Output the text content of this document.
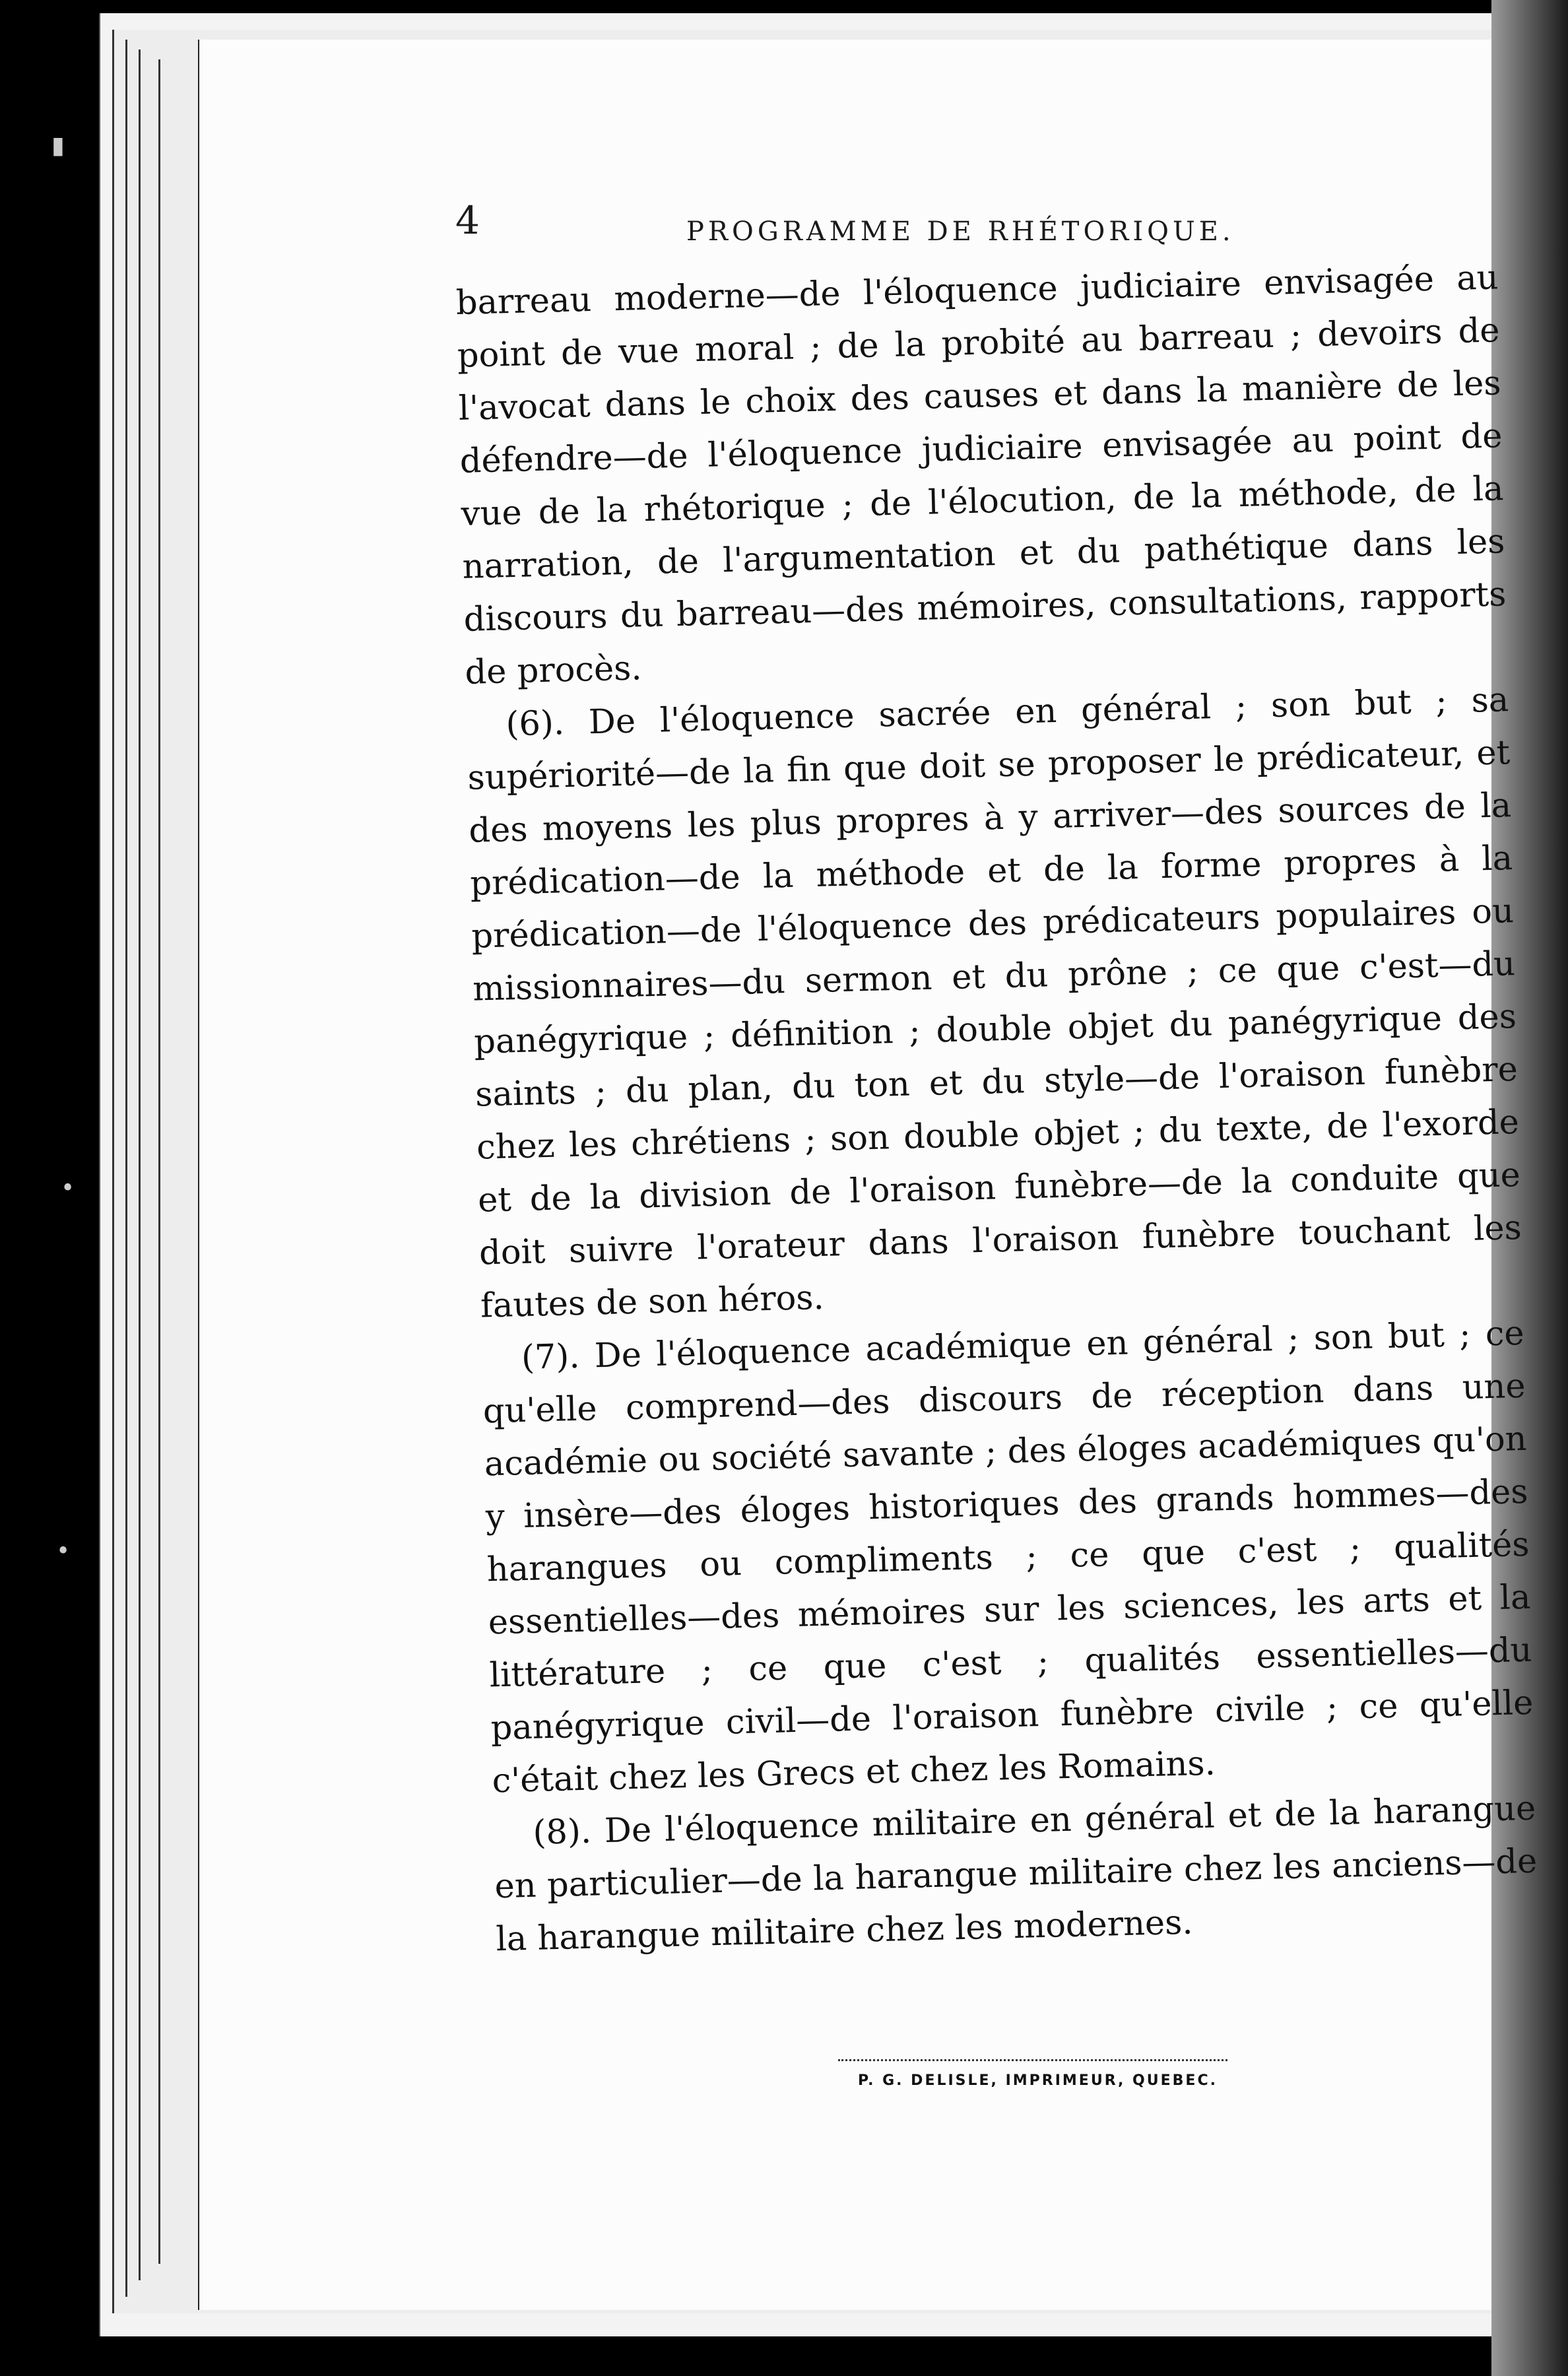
▮
•
•
4	PROGRAMME DE RHÉTORIQUE.

barreau moderne—de l'éloquence judiciaire envisagée au point de vue moral ; de la probité au barreau ; devoirs de l'avocat dans le choix des causes et dans la manière de les défendre—de l'éloquence judiciaire envisagée au point de vue de la rhétorique ; de l'élocution, de la méthode, de la narration, de l'argumentation et du pathétique dans les discours du barreau—des mémoires, consultations, rapports de procès.

(6). De l'éloquence sacrée en général ; son but ; sa supériorité—de la fin que doit se proposer le prédicateur, et des moyens les plus propres à y arriver—des sources de la prédication—de la méthode et de la forme propres à la prédication—de l'éloquence des prédicateurs populaires ou missionnaires—du sermon et du prône ; ce que c'est—du panégyrique ; définition ; double objet du panégyrique des saints ; du plan, du ton et du style—de l'oraison funèbre chez les chrétiens ; son double objet ; du texte, de l'exorde et de la division de l'oraison funèbre—de la conduite que doit suivre l'orateur dans l'oraison funèbre touchant les fautes de son héros.

(7). De l'éloquence académique en général ; son but ; ce qu'elle comprend—des discours de réception dans une académie ou société savante ; des éloges académiques qu'on y insère—des éloges historiques des grands hommes—des harangues ou compliments ; ce que c'est ; qualités essentielles—des mémoires sur les sciences, les arts et la littérature ; ce que c'est ; qualités essentielles—du panégyrique civil—de l'oraison funèbre civile ; ce qu'elle c'était chez les Grecs et chez les Romains.

(8). De l'éloquence militaire en général et de la harangue en particulier—de la harangue militaire chez les anciens—de la harangue militaire chez les modernes.

P. G. DELISLE, IMPRIMEUR, QUEBEC.
